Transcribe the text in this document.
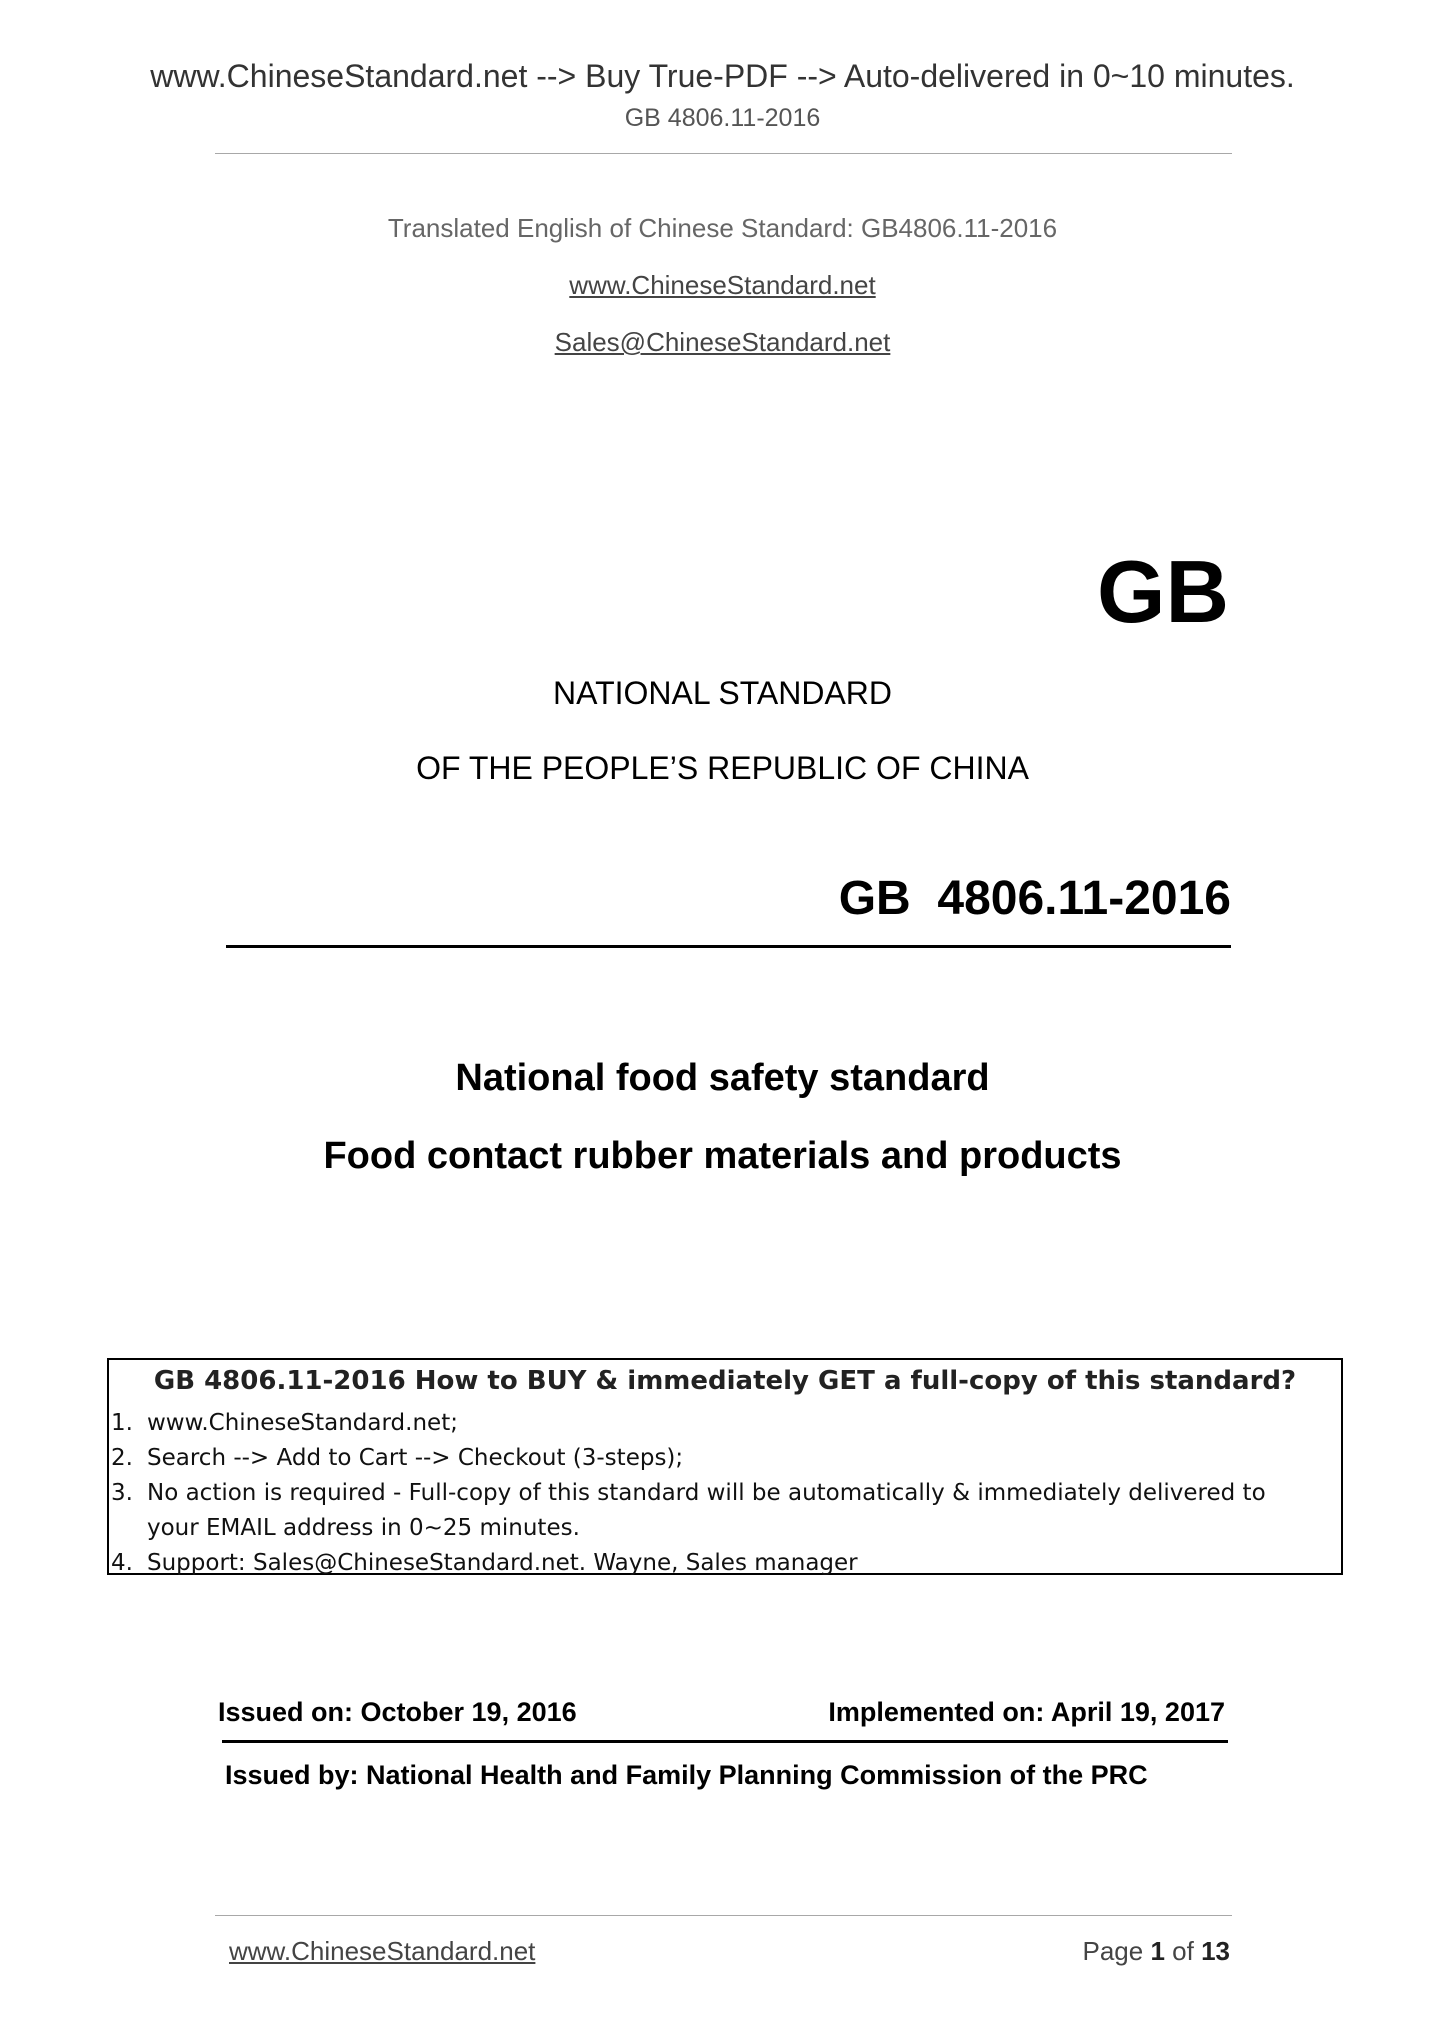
www.ChineseStandard.net --> Buy True-PDF --> Auto-delivered in 0~10 minutes.
GB 4806.11-2016
Translated English of Chinese Standard: GB4806.11-2016
www.ChineseStandard.net
Sales@ChineseStandard.net
GB
NATIONAL STANDARD
OF THE PEOPLE’S REPUBLIC OF CHINA
GB  4806.11-2016
National food safety standard
Food contact rubber materials and products
GB 4806.11-2016 How to BUY & immediately GET a full-copy of this standard?
1. www.ChineseStandard.net;
2. Search --> Add to Cart --> Checkout (3-steps);
3. No action is required - Full-copy of this standard will be automatically & immediately delivered to
your EMAIL address in 0~25 minutes.
4. Support: Sales@ChineseStandard.net. Wayne, Sales manager
Issued on: October 19, 2016	Implemented on: April 19, 2017
Issued by: National Health and Family Planning Commission of the PRC
www.ChineseStandard.net	Page 1 of 13
